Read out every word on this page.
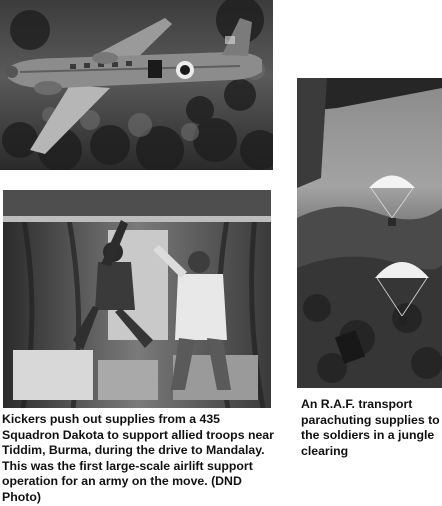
Kickers push out supplies from a 435 Squadron Dakota to support allied troops near Tiddim, Burma, during the drive to Mandalay. This was the first large-scale airlift support operation for an army on the move. (DND Photo)

An R.A.F. transport parachuting supplies to the soldiers in a jungle clearing
